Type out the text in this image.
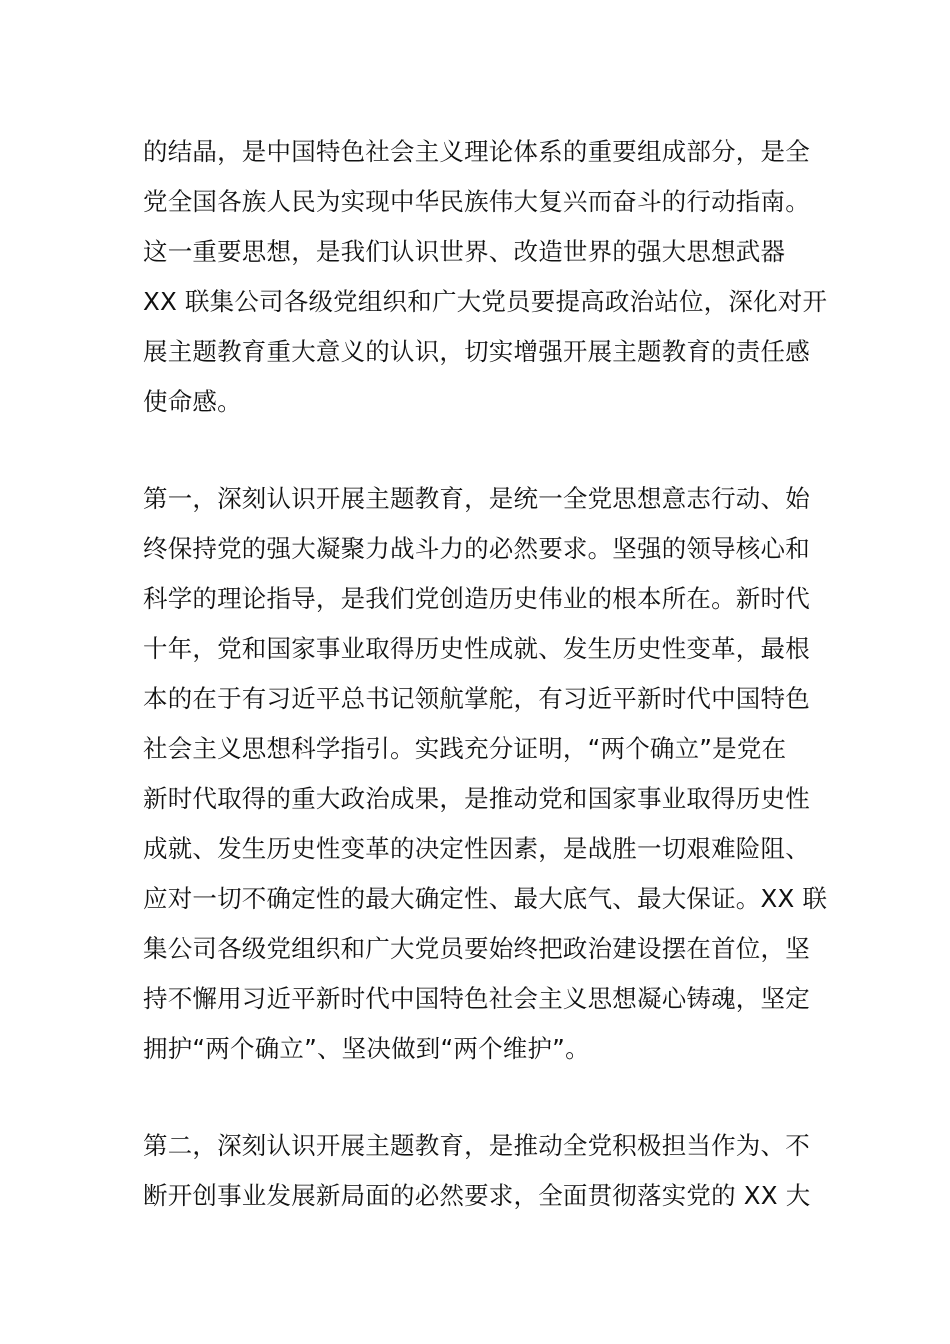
的结晶，是中国特色社会主义理论体系的重要组成部分，是全
党全国各族人民为实现中华民族伟大复兴而奋斗的行动指南。
这一重要思想，是我们认识世界、改造世界的强大思想武器
XX 联集公司各级党组织和广大党员要提高政治站位，深化对开
展主题教育重大意义的认识，切实增强开展主题教育的责任感
使命感。
第一，深刻认识开展主题教育，是统一全党思想意志行动、始
终保持党的强大凝聚力战斗力的必然要求。坚强的领导核心和
科学的理论指导，是我们党创造历史伟业的根本所在。新时代
十年，党和国家事业取得历史性成就、发生历史性变革，最根
本的在于有习近平总书记领航掌舵，有习近平新时代中国特色
社会主义思想科学指引。实践充分证明，“两个确立”是党在
新时代取得的重大政治成果，是推动党和国家事业取得历史性
成就、发生历史性变革的决定性因素，是战胜一切艰难险阻、
应对一切不确定性的最大确定性、最大底气、最大保证。XX 联
集公司各级党组织和广大党员要始终把政治建设摆在首位，坚
持不懈用习近平新时代中国特色社会主义思想凝心铸魂，坚定
拥护“两个确立”、坚决做到“两个维护”。
第二，深刻认识开展主题教育，是推动全党积极担当作为、不
断开创事业发展新局面的必然要求，全面贯彻落实党的 XX 大
